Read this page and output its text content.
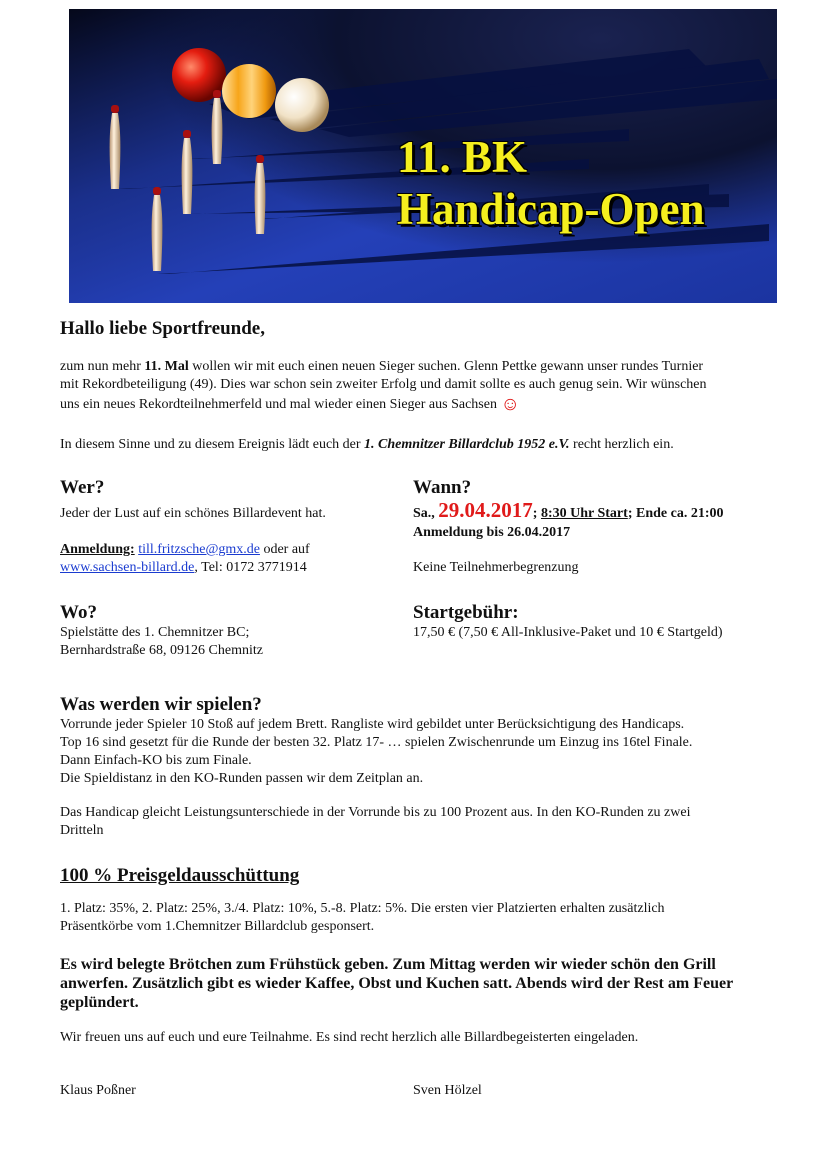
11. BK
Handicap-Open
Hallo liebe Sportfreunde,
zum nun mehr 11. Mal wollen wir mit euch einen neuen Sieger suchen. Glenn Pettke gewann unser rundes Turnier
mit Rekordbeteiligung (49). Dies war schon sein zweiter Erfolg und damit sollte es auch genug sein. Wir wünschen
uns ein neues Rekordteilnehmerfeld und mal wieder einen Sieger aus Sachsen ☺
In diesem Sinne und zu diesem Ereignis lädt euch der 1. Chemnitzer Billardclub 1952 e.V. recht herzlich ein.
Wer?
Jeder der Lust auf ein schönes Billardevent hat.
Anmeldung: till.fritzsche@gmx.de oder auf
www.sachsen-billard.de, Tel: 0172 3771914
Wann?
Sa., 29.04.2017; 8:30 Uhr Start; Ende ca. 21:00
Anmeldung bis 26.04.2017
Keine Teilnehmerbegrenzung
Wo?
Spielstätte des 1. Chemnitzer BC;
Bernhardstraße 68, 09126 Chemnitz
Startgebühr:
17,50 € (7,50 € All-Inklusive-Paket und 10 € Startgeld)
Was werden wir spielen?
Vorrunde jeder Spieler 10 Stoß auf jedem Brett. Rangliste wird gebildet unter Berücksichtigung des Handicaps.
Top 16 sind gesetzt für die Runde der besten 32. Platz 17- … spielen Zwischenrunde um Einzug ins 16tel Finale.
Dann Einfach-KO bis zum Finale.
Die Spieldistanz in den KO-Runden passen wir dem Zeitplan an.
Das Handicap gleicht Leistungsunterschiede in der Vorrunde bis zu 100 Prozent aus. In den KO-Runden zu zwei
Dritteln
100 % Preisgeldausschüttung
1. Platz: 35%, 2. Platz: 25%, 3./4. Platz: 10%, 5.-8. Platz: 5%. Die ersten vier Platzierten erhalten zusätzlich
Präsentkörbe vom 1.Chemnitzer Billardclub gesponsert.
Es wird belegte Brötchen zum Frühstück geben. Zum Mittag werden wir wieder schön den Grill
anwerfen. Zusätzlich gibt es wieder Kaffee, Obst und Kuchen satt. Abends wird der Rest am Feuer
geplündert.
Wir freuen uns auf euch und eure Teilnahme. Es sind recht herzlich alle Billardbegeisterten eingeladen.
Klaus Poßner	Sven Hölzel
